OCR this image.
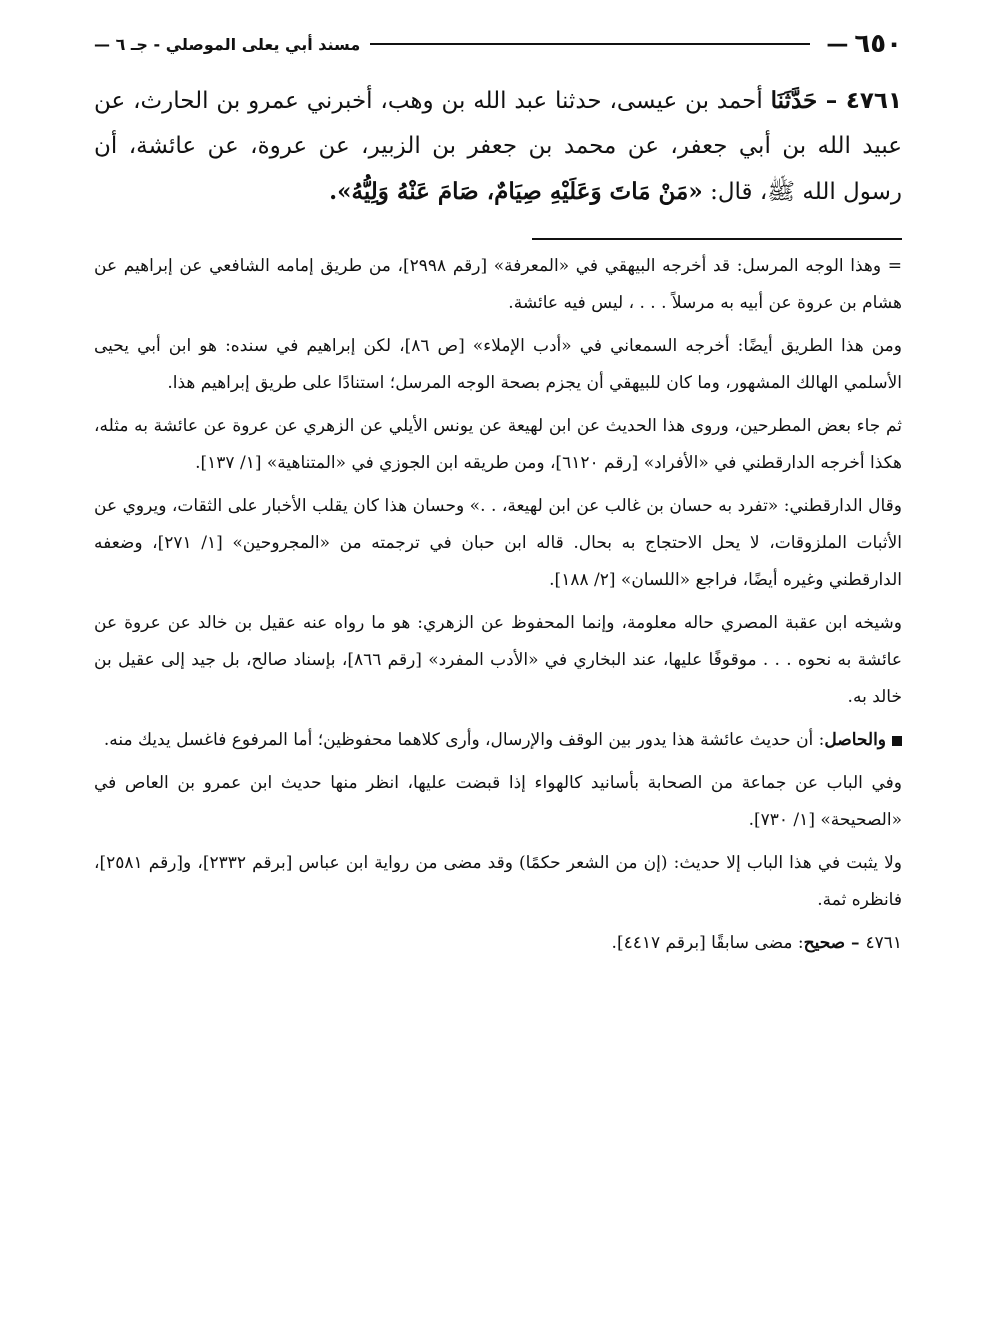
٦٥٠
—
مسند أبي يعلى الموصلي - جـ ٦ —

٤٧٦١ – حَدَّثَنَا أحمد بن عيسى، حدثنا عبد الله بن وهب، أخبرني عمرو بن الحارث، عن عبيد الله بن أبي جعفر، عن محمد بن جعفر بن الزبير، عن عروة، عن عائشة، أن رسول الله ﷺ، قال: «مَنْ مَاتَ وَعَلَيْهِ صِيَامٌ، صَامَ عَنْهُ وَلِيُّهُ».

= وهذا الوجه المرسل: قد أخرجه البيهقي في «المعرفة» [رقم ٢٩٩٨]، من طريق إمامه الشافعي عن إبراهيم عن هشام بن عروة عن أبيه به مرسلاً . . . ، ليس فيه عائشة.

ومن هذا الطريق أيضًا: أخرجه السمعاني في «أدب الإملاء» [ص ٨٦]، لكن إبراهيم في سنده: هو ابن أبي يحيى الأسلمي الهالك المشهور، وما كان للبيهقي أن يجزم بصحة الوجه المرسل؛ استنادًا على طريق إبراهيم هذا.

ثم جاء بعض المطرحين، وروى هذا الحديث عن ابن لهيعة عن يونس الأيلي عن الزهري عن عروة عن عائشة به مثله، هكذا أخرجه الدارقطني في «الأفراد» [رقم ٦١٢٠]، ومن طريقه ابن الجوزي في «المتناهية» [١/ ١٣٧].

وقال الدارقطني: «تفرد به حسان بن غالب عن ابن لهيعة، . .» وحسان هذا كان يقلب الأخبار على الثقات، ويروي عن الأثبات الملزوقات، لا يحل الاحتجاج به بحال. قاله ابن حبان في ترجمته من «المجروحين» [١/ ٢٧١]، وضعفه الدارقطني وغيره أيضًا، فراجع «اللسان» [٢/ ١٨٨].

وشيخه ابن عقبة المصري حاله معلومة، وإنما المحفوظ عن الزهري: هو ما رواه عنه عقيل بن خالد عن عروة عن عائشة به نحوه . . . موقوفًا عليها، عند البخاري في «الأدب المفرد» [رقم ٨٦٦]، بإسناد صالح، بل جيد إلى عقيل بن خالد به.

والحاصل: أن حديث عائشة هذا يدور بين الوقف والإرسال، وأرى كلاهما محفوظين؛ أما المرفوع فاغسل يديك منه.

وفي الباب عن جماعة من الصحابة بأسانيد كالهواء إذا قبضت عليها، انظر منها حديث ابن عمرو بن العاص في «الصحيحة» [١/ ٧٣٠].

ولا يثبت في هذا الباب إلا حديث: (إن من الشعر حكمًا) وقد مضى من رواية ابن عباس [برقم ٢٣٣٢]، و[رقم ٢٥٨١]، فانظره ثمة.

٤٧٦١ – صحيح: مضى سابقًا [برقم ٤٤١٧].
